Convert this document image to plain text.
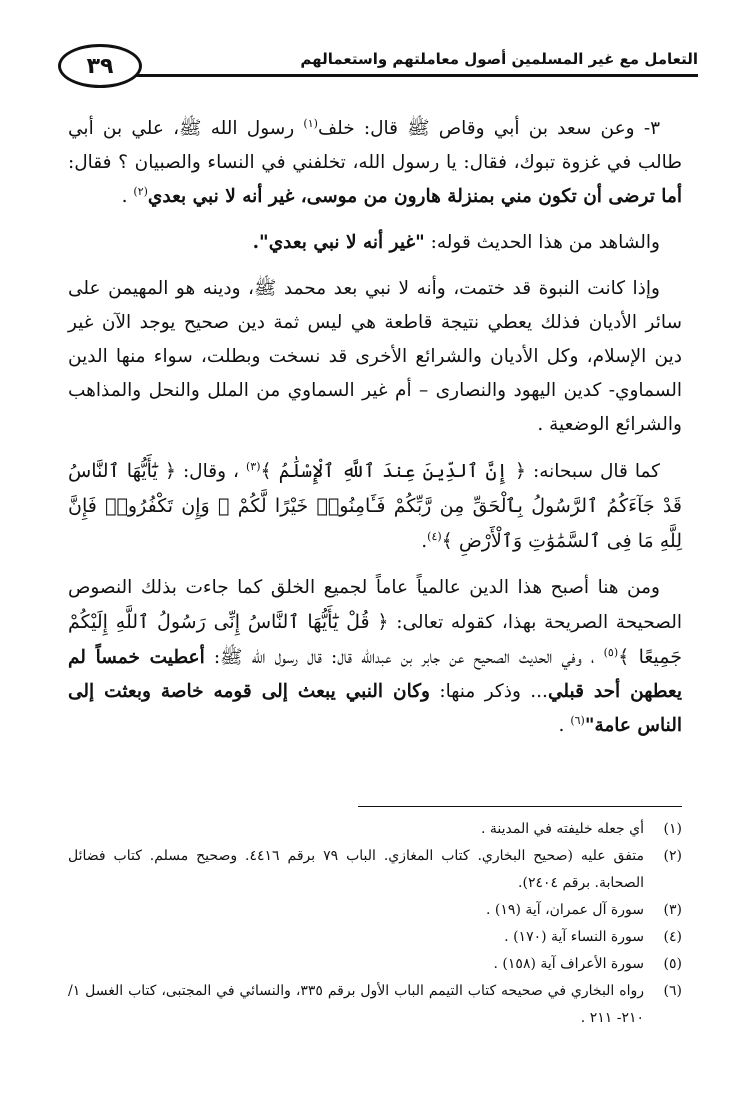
التعامل مع غير المسلمين أصول معاملتهم واستعمالهم
٣٩

٣- وعن سعد بن أبي وقاص ﷺ قال: خلف$^{(١)}$ رسول الله ﷺ، علي بن أبي طالب في غزوة تبوك، فقال: يا رسول الله، تخلفني في النساء والصبيان ؟ فقال: أما ترضى أن تكون مني بمنزلة هارون من موسى، غير أنه لا نبي بعدي$^{(٢)}$ .

والشاهد من هذا الحديث قوله: "غير أنه لا نبي بعدي".

وإذا كانت النبوة قد ختمت، وأنه لا نبي بعد محمد ﷺ، ودينه هو المهيمن على سائر الأديان فذلك يعطي نتيجة قاطعة هي ليس ثمة دين صحيح يوجد الآن غير دين الإسلام، وكل الأديان والشرائع الأخرى قد نسخت وبطلت، سواء منها الدين السماوي- كدين اليهود والنصارى – أم غير السماوي من الملل والنحل والمذاهب والشرائع الوضعية .

كما قال سبحانه: ﴿ إِنَّ ٱلدِّينَ عِندَ ٱللَّهِ ٱلْإِسْلَٰمُ ﴾$^{(٣)}$ ، وقال: ﴿ يَٰٓأَيُّهَا ٱلنَّاسُ قَدْ جَآءَكُمُ ٱلرَّسُولُ بِٱلْحَقِّ مِن رَّبِّكُمْ فَـَٔامِنُوا۟ خَيْرًا لَّكُمْ ۚ وَإِن تَكْفُرُوا۟ فَإِنَّ لِلَّهِ مَا فِى ٱلسَّمَٰوَٰتِ وَٱلْأَرْضِ ﴾$^{(٤)}$.

ومن هنا أصبح هذا الدين عالمياً عاماً لجميع الخلق كما جاءت بذلك النصوص الصحيحة الصريحة بهذا، كقوله تعالى: ﴿ قُلْ يَٰٓأَيُّهَا ٱلنَّاسُ إِنِّى رَسُولُ ٱللَّهِ إِلَيْكُمْ جَمِيعًا ﴾$^{(٥)}$ ، وفي الحديث الصحيح عن جابر بن عبدالله قال: قال رسول الله ﷺ: أعطيت خمساً لم يعطهن أحد قبلي... وذكر منها: وكان النبي يبعث إلى قومه خاصة وبعثت إلى الناس عامة"$^{(٦)}$ .

(١)
أي جعله خليفته في المدينة .
(٢)
متفق عليه (صحيح البخاري. كتاب المغازي. الباب ٧٩ برقم ٤٤١٦. وصحيح مسلم. كتاب فضائل الصحابة. برقم ٢٤٠٤).
(٣)
سورة آل عمران، آية (١٩) .
(٤)
سورة النساء آية (١٧٠) .
(٥)
سورة الأعراف آية (١٥٨) .
(٦)
رواه البخاري في صحيحه كتاب التيمم الباب الأول برقم ٣٣٥، والنسائي في المجتبى، كتاب الغسل ١/ ٢١٠- ٢١١ .
